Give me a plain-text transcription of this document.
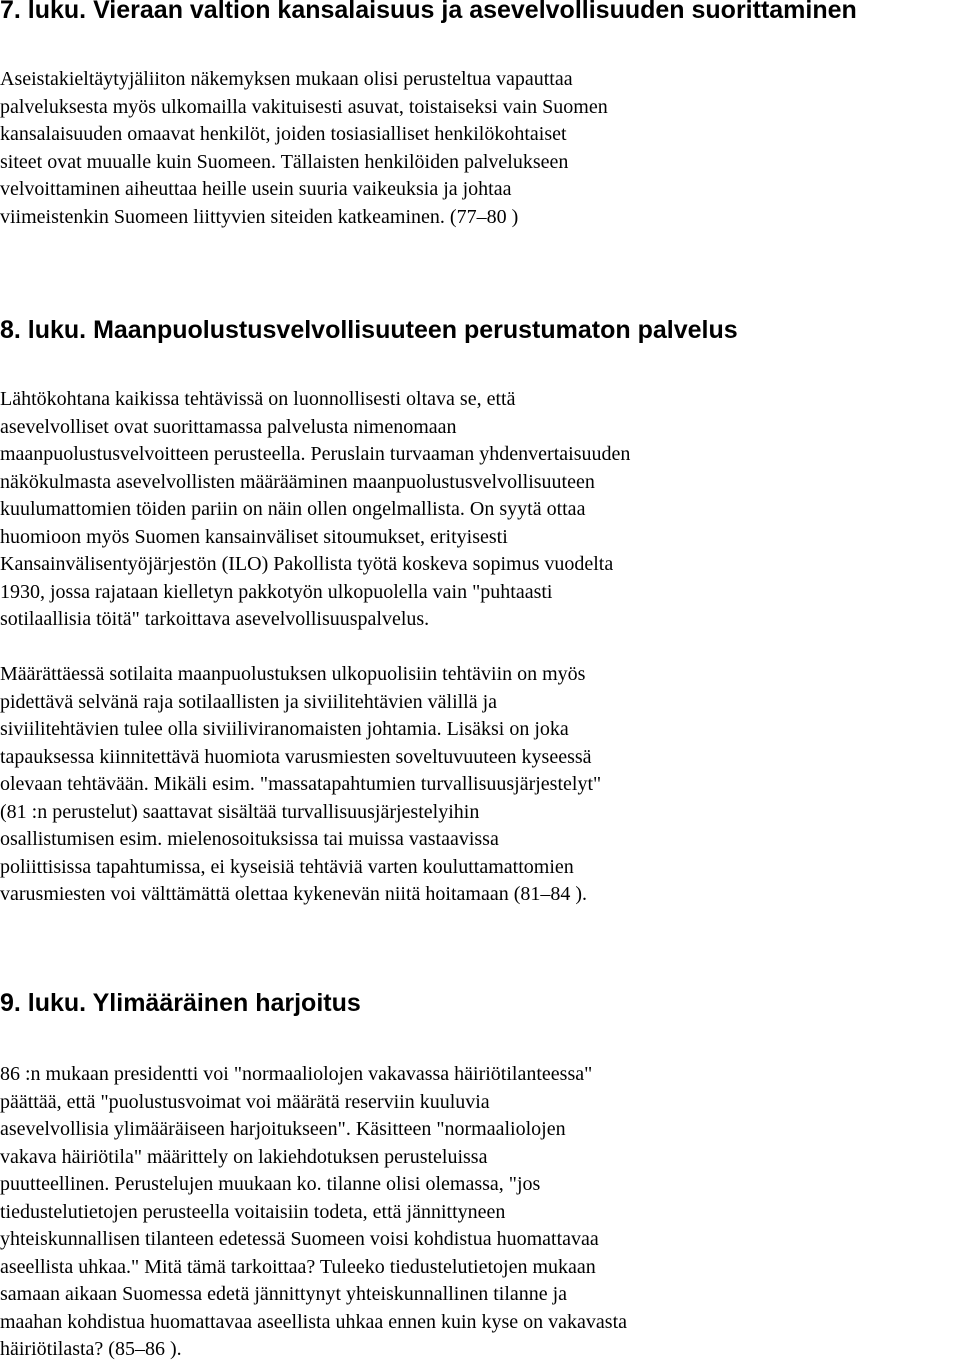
7. luku. Vieraan valtion kansalaisuus ja asevelvollisuuden suorittaminen
Aseistakieltäytyjäliiton näkemyksen mukaan olisi perusteltua vapauttaa
palveluksesta myös ulkomailla vakituisesti asuvat, toistaiseksi vain Suomen
kansalaisuuden omaavat henkilöt, joiden tosiasialliset henkilökohtaiset
siteet ovat muualle kuin Suomeen. Tällaisten henkilöiden palvelukseen
velvoittaminen aiheuttaa heille usein suuria vaikeuksia ja johtaa
viimeistenkin Suomeen liittyvien siteiden katkeaminen. (77–80 )
8. luku. Maanpuolustusvelvollisuuteen perustumaton palvelus
Lähtökohtana kaikissa tehtävissä on luonnollisesti oltava se, että
asevelvolliset ovat suorittamassa palvelusta nimenomaan
maanpuolustusvelvoitteen perusteella. Peruslain turvaaman yhdenvertaisuuden
näkökulmasta asevelvollisten määrääminen maanpuolustusvelvollisuuteen
kuulumattomien töiden pariin on näin ollen ongelmallista. On syytä ottaa
huomioon myös Suomen kansainväliset sitoumukset, erityisesti
Kansainvälisentyöjärjestön (ILO) Pakollista työtä koskeva sopimus vuodelta
1930, jossa rajataan kielletyn pakkotyön ulkopuolella vain "puhtaasti
sotilaallisia töitä" tarkoittava asevelvollisuuspalvelus.
Määrättäessä sotilaita maanpuolustuksen ulkopuolisiin tehtäviin on myös
pidettävä selvänä raja sotilaallisten ja siviilitehtävien välillä ja
siviilitehtävien tulee olla siviiliviranomaisten johtamia. Lisäksi on joka
tapauksessa kiinnitettävä huomiota varusmiesten soveltuvuuteen kyseessä
olevaan tehtävään. Mikäli esim. "massatapahtumien turvallisuusjärjestelyt"
(81 :n perustelut) saattavat sisältää turvallisuusjärjestelyihin
osallistumisen esim. mielenosoituksissa tai muissa vastaavissa
poliittisissa tapahtumissa, ei kyseisiä tehtäviä varten kouluttamattomien
varusmiesten voi välttämättä olettaa kykenevän niitä hoitamaan (81–84 ).
9. luku. Ylimääräinen harjoitus
86 :n mukaan presidentti voi "normaaliolojen vakavassa häiriötilanteessa"
päättää, että "puolustusvoimat voi määrätä reserviin kuuluvia
asevelvollisia ylimääräiseen harjoitukseen". Käsitteen "normaaliolojen
vakava häiriötila" määrittely on lakiehdotuksen perusteluissa
puutteellinen. Perustelujen muukaan ko. tilanne olisi olemassa, "jos
tiedustelutietojen perusteella voitaisiin todeta, että jännittyneen
yhteiskunnallisen tilanteen edetessä Suomeen voisi kohdistua huomattavaa
aseellista uhkaa." Mitä tämä tarkoittaa? Tuleeko tiedustelutietojen mukaan
samaan aikaan Suomessa edetä jännittynyt yhteiskunnallinen tilanne ja
maahan kohdistua huomattavaa aseellista uhkaa ennen kuin kyse on vakavasta
häiriötilasta? (85–86 ).
